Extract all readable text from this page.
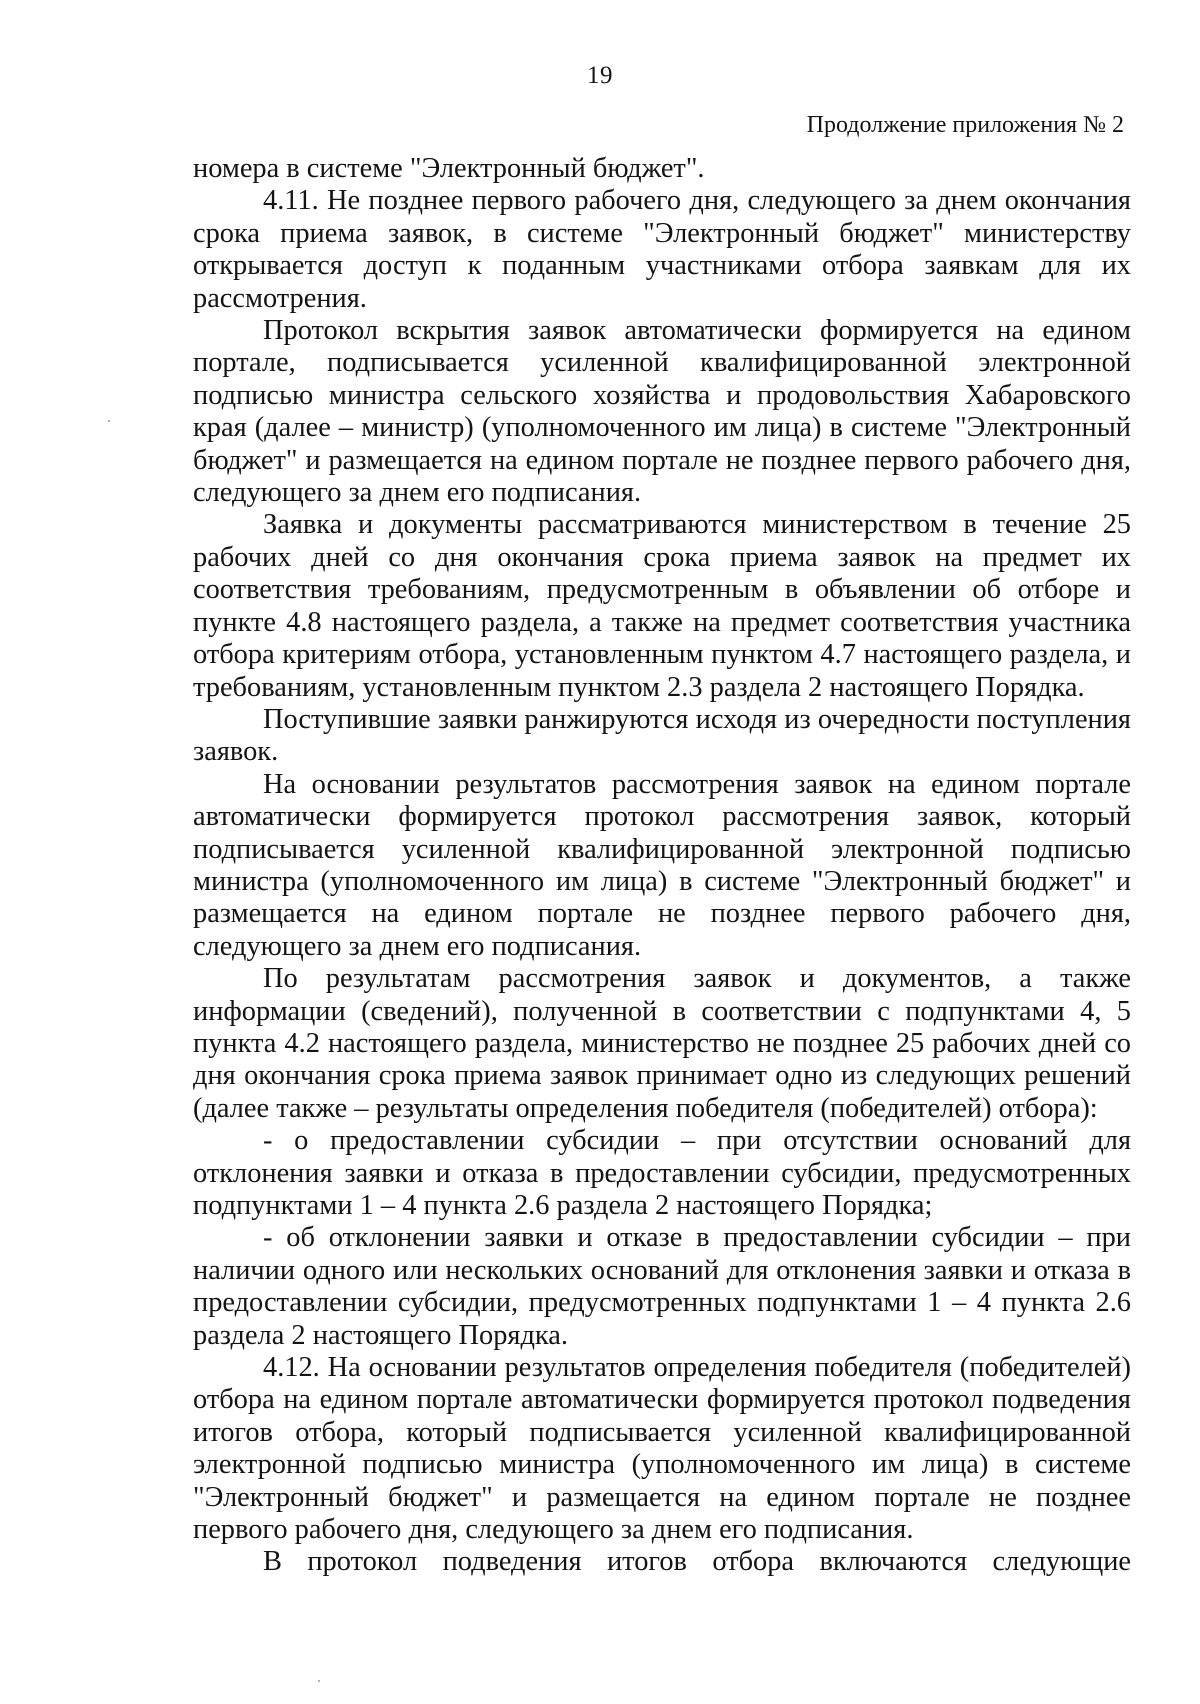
19
Продолжение приложения № 2

номера в системе "Электронный бюджет".

4.11. Не позднее первого рабочего дня, следующего за днем окончания срока приема заявок, в системе "Электронный бюджет" министерству открывается доступ к поданным участниками отбора заявкам для их рассмотрения.

Протокол вскрытия заявок автоматически формируется на едином портале, подписывается усиленной квалифицированной электронной подписью министра сельского хозяйства и продовольствия Хабаровского края (далее – министр) (уполномоченного им лица) в системе "Электронный бюджет" и размещается на едином портале не позднее первого рабочего дня, следующего за днем его подписания.

Заявка и документы рассматриваются министерством в течение 25 рабочих дней со дня окончания срока приема заявок на предмет их соответствия требованиям, предусмотренным в объявлении об отборе и пункте 4.8 настоящего раздела, а также на предмет соответствия участника отбора критериям отбора, установленным пунктом 4.7 настоящего раздела, и требованиям, установленным пунктом 2.3 раздела 2 настоящего Порядка.

Поступившие заявки ранжируются исходя из очередности поступления заявок.

На основании результатов рассмотрения заявок на едином портале автоматически формируется протокол рассмотрения заявок, который подписывается усиленной квалифицированной электронной подписью министра (уполномоченного им лица) в системе "Электронный бюджет" и размещается на едином портале не позднее первого рабочего дня, следующего за днем его подписания.

По результатам рассмотрения заявок и документов, а также информации (сведений), полученной в соответствии с подпунктами 4, 5 пункта 4.2 настоящего раздела, министерство не позднее 25 рабочих дней со дня окончания срока приема заявок принимает одно из следующих решений (далее также – результаты определения победителя (победителей) отбора):

- о предоставлении субсидии – при отсутствии оснований для отклонения заявки и отказа в предоставлении субсидии, предусмотренных подпунктами 1 – 4 пункта 2.6 раздела 2 настоящего Порядка;

- об отклонении заявки и отказе в предоставлении субсидии – при наличии одного или нескольких оснований для отклонения заявки и отказа в предоставлении субсидии, предусмотренных подпунктами 1 – 4 пункта 2.6 раздела 2 настоящего Порядка.

4.12. На основании результатов определения победителя (победителей) отбора на едином портале автоматически формируется протокол подведения итогов отбора, который подписывается усиленной квалифицированной электронной подписью министра (уполномоченного им лица) в системе "Электронный бюджет" и размещается на едином портале не позднее первого рабочего дня, следующего за днем его подписания.

В протокол подведения итогов отбора включаются следующие
